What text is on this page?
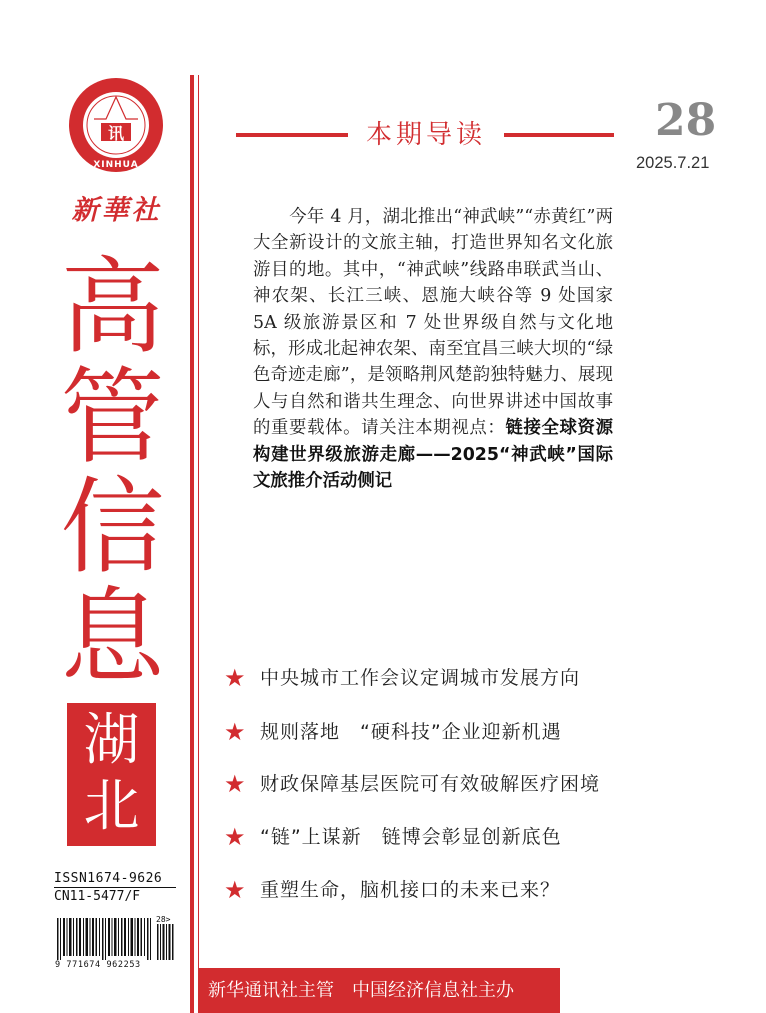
讯
XINHUA
新華社
高
管
信
息
湖
北
ISSN1674-9626
CN11-5477/F
28>
9 771674 962253
本期导读	28
2025.7.21
今年 4 月，湖北推出“神武峡”“赤黄红”两大全新设计的文旅主轴，打造世界知名文化旅游目的地。其中，“神武峡”线路串联武当山、神农架、长江三峡、恩施大峡谷等 9 处国家 5A 级旅游景区和 7 处世界级自然与文化地标，形成北起神农架、南至宜昌三峡大坝的“绿色奇迹走廊”，是领略荆风楚韵独特魅力、展现人与自然和谐共生理念、向世界讲述中国故事的重要载体。请关注本期视点：链接全球资源　构建世界级旅游走廊——2025“神武峡”国际文旅推介活动侧记
★ 中央城市工作会议定调城市发展方向
★ 规则落地　“硬科技”企业迎新机遇
★ 财政保障基层医院可有效破解医疗困境
★ “链”上谋新　链博会彰显创新底色
★ 重塑生命，脑机接口的未来已来？
新华通讯社主管　中国经济信息社主办
